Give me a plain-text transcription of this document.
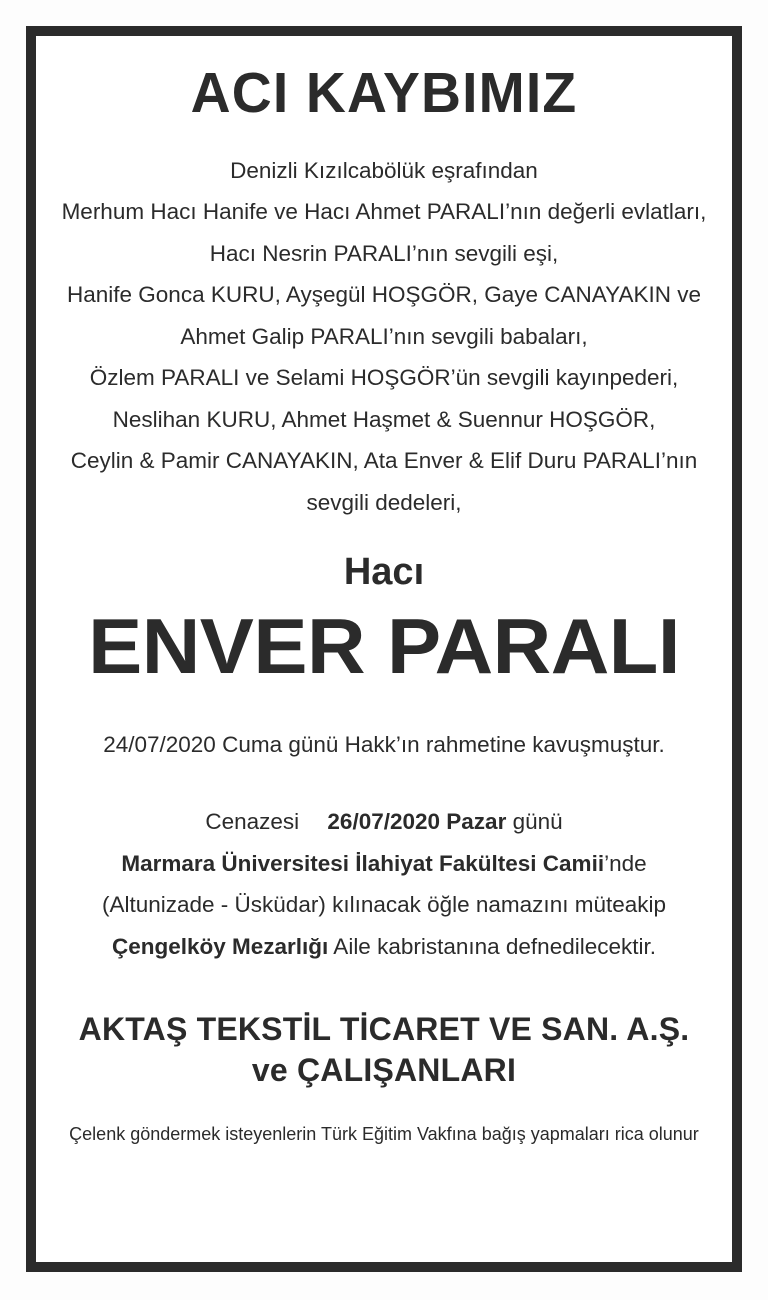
ACI KAYBIMIZ
Denizli Kızılcabölük eşrafından
Merhum Hacı Hanife ve Hacı Ahmet PARALI’nın değerli evlatları,
Hacı Nesrin PARALI’nın sevgili eşi,
Hanife Gonca KURU, Ayşegül HOŞGÖR, Gaye CANAYAKIN ve
Ahmet Galip PARALI’nın sevgili babaları,
Özlem PARALI ve Selami HOŞGÖR’ün sevgili kayınpederi,
Neslihan KURU, Ahmet Haşmet & Suennur HOŞGÖR,
Ceylin & Pamir CANAYAKIN, Ata Enver & Elif Duru PARALI’nın
sevgili dedeleri,
Hacı
ENVER PARALI
24/07/2020 Cuma günü Hakk’ın rahmetine kavuşmuştur.
Cenazesi 26/07/2020 Pazar günü
Marmara Üniversitesi İlahiyat Fakültesi Camii’nde
(Altunizade - Üsküdar) kılınacak öğle namazını müteakip
Çengelköy Mezarlığı Aile kabristanına defnedilecektir.
AKTAŞ TEKSTİL TİCARET VE SAN. A.Ş.
ve ÇALIŞANLARI
Çelenk göndermek isteyenlerin Türk Eğitim Vakfına bağış yapmaları rica olunur
